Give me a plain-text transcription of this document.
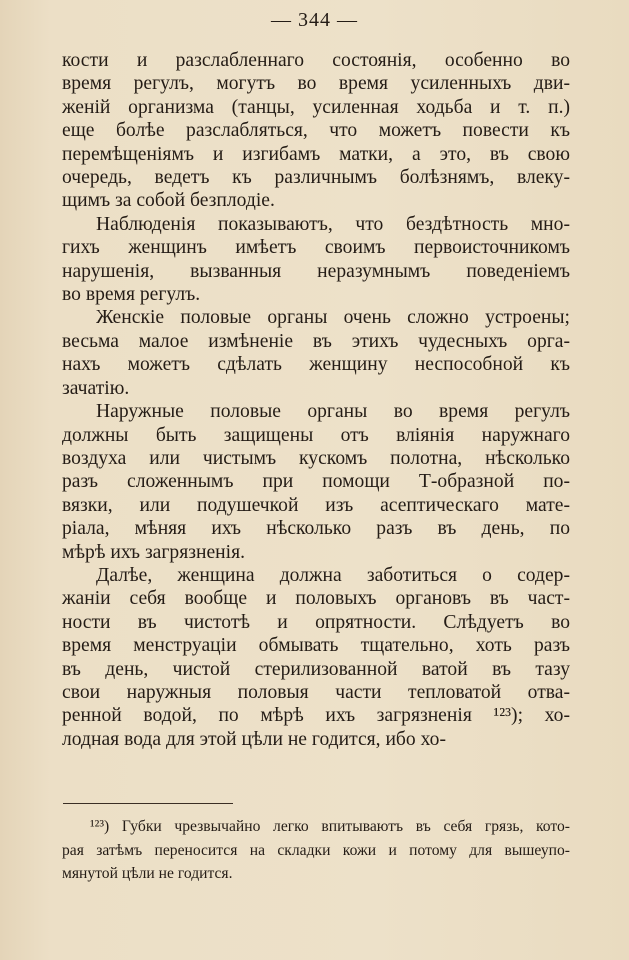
— 344 —
кости и разслабленнаго состоянія, особенно во
время регулъ, могутъ во время усиленныхъ дви-
женій организма (танцы, усиленная ходьба и т. п.)
еще болѣе разслабляться, что можетъ повести къ
перемѣщеніямъ и изгибамъ матки, а это, въ свою
очередь, ведетъ къ различнымъ болѣзнямъ, влеку-
щимъ за собой безплодіе.
Наблюденія показываютъ, что бездѣтность мно-
гихъ женщинъ имѣетъ своимъ первоисточникомъ
нарушенія, вызванныя неразумнымъ поведеніемъ
во время регулъ.
Женскіе половые органы очень сложно устроены;
весьма малое измѣненіе въ этихъ чудесныхъ орга-
нахъ можетъ сдѣлать женщину неспособной къ
зачатію.
Наружные половые органы во время регулъ
должны быть защищены отъ вліянія наружнаго
воздуха или чистымъ кускомъ полотна, нѣсколько
разъ сложеннымъ при помощи Т-образной по-
вязки, или подушечкой изъ асептическаго мате-
ріала, мѣняя ихъ нѣсколько разъ въ день, по
мѣрѣ ихъ загрязненія.
Далѣе, женщина должна заботиться о содер-
жаніи себя вообще и половыхъ органовъ въ част-
ности въ чистотѣ и опрятности. Слѣдуетъ во
время менструаціи обмывать тщательно, хоть разъ
въ день, чистой стерилизованной ватой въ тазу
свои наружныя половыя части тепловатой отва-
ренной водой, по мѣрѣ ихъ загрязненія ¹²³); хо-
лодная вода для этой цѣли не годится, ибо хо-
¹²³) Губки чрезвычайно легко впитываютъ въ себя грязь, кото-
рая затѣмъ переносится на складки кожи и потому для вышеупо-
мянутой цѣли не годится.
